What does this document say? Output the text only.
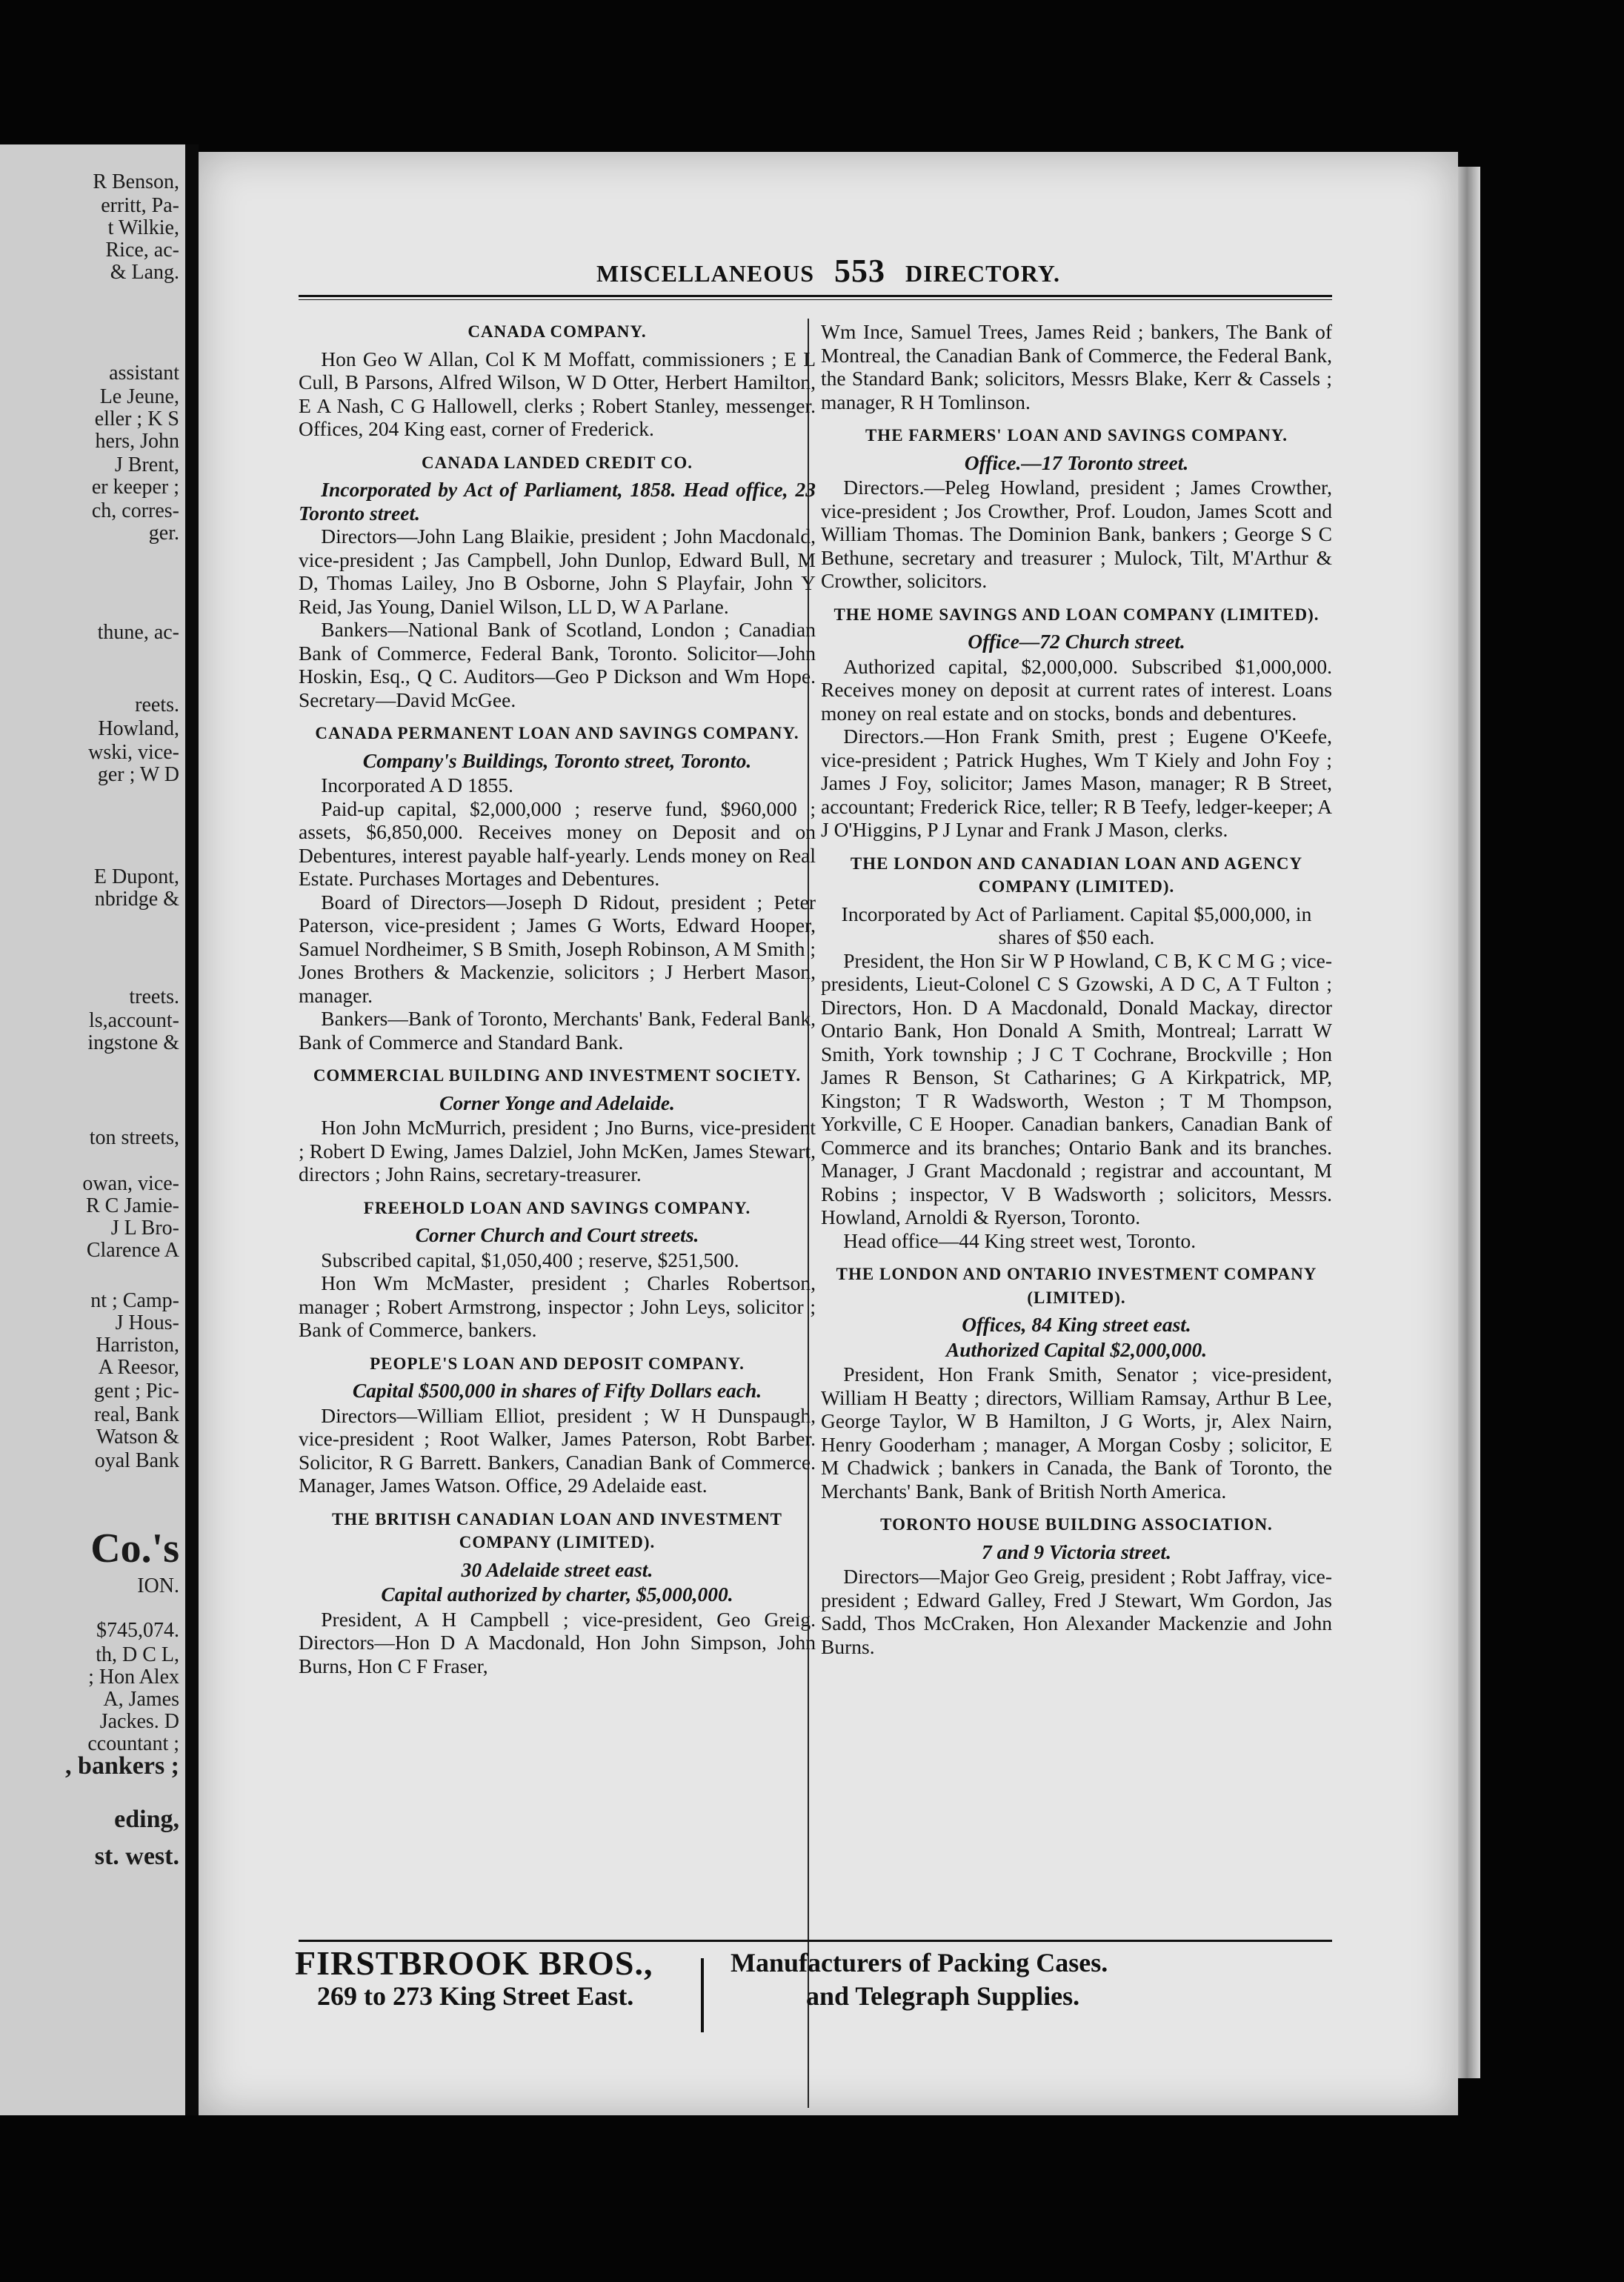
R Benson,
erritt, Pa-
t Wilkie,
Rice, ac-
& Lang.
assistant
Le Jeune,
eller ; K S
hers, John
J Brent,
er keeper ;
ch, corres-
ger.
thune, ac-
reets.
Howland,
wski, vice-
ger ; W D
E Dupont,
nbridge &
treets.
ls,account-
ingstone &
ton streets,
owan, vice-
R C Jamie-
J L Bro-
Clarence A
nt ; Camp-
J Hous-
Harriston,
A Reesor,
gent ; Pic-
real, Bank
Watson &
oyal Bank
Co.'s
ION.
$745,074.
th, D C L,
; Hon Alex
A, James
Jackes. D
ccountant ;
, bankers ;
eding,
st. west.
MISCELLANEOUS 553 DIRECTORY.
CANADA COMPANY.

Hon Geo W Allan, Col K M Moffatt, commissioners ; E L Cull, B Parsons, Alfred Wilson, W D Otter, Herbert Hamilton, E A Nash, C G Hallowell, clerks ; Robert Stanley, messenger. Offices, 204 King east, corner of Frederick.

CANADA LANDED CREDIT CO.

Incorporated by Act of Parliament, 1858. Head office, 23 Toronto street.

Directors—John Lang Blaikie, president ; John Macdonald, vice-president ; Jas Campbell, John Dunlop, Edward Bull, M D, Thomas Lailey, Jno B Osborne, John S Playfair, John Y Reid, Jas Young, Daniel Wilson, LL D, W A Parlane.

Bankers—National Bank of Scotland, London ; Canadian Bank of Commerce, Federal Bank, Toronto. Solicitor—John Hoskin, Esq., Q C. Auditors—Geo P Dickson and Wm Hope. Secretary—David McGee.

CANADA PERMANENT LOAN AND SAVINGS COMPANY.

Company's Buildings, Toronto street, Toronto.

Incorporated A D 1855.

Paid-up capital, $2,000,000 ; reserve fund, $960,000 ; assets, $6,850,000. Receives money on Deposit and on Debentures, interest payable half-yearly. Lends money on Real Estate. Purchases Mortages and Debentures.

Board of Directors—Joseph D Ridout, president ; Peter Paterson, vice-president ; James G Worts, Edward Hooper, Samuel Nordheimer, S B Smith, Joseph Robinson, A M Smith ; Jones Brothers & Mackenzie, solicitors ; J Herbert Mason, manager.

Bankers—Bank of Toronto, Merchants' Bank, Federal Bank, Bank of Commerce and Standard Bank.

COMMERCIAL BUILDING AND INVESTMENT SOCIETY.

Corner Yonge and Adelaide.

Hon John McMurrich, president ; Jno Burns, vice-president ; Robert D Ewing, James Dalziel, John McKen, James Stewart, directors ; John Rains, secretary-treasurer.

FREEHOLD LOAN AND SAVINGS COMPANY.

Corner Church and Court streets.

Subscribed capital, $1,050,400 ; reserve, $251,500.

Hon Wm McMaster, president ; Charles Robertson, manager ; Robert Armstrong, inspector ; John Leys, solicitor ; Bank of Commerce, bankers.

PEOPLE'S LOAN AND DEPOSIT COMPANY.

Capital $500,000 in shares of Fifty Dollars each.

Directors—William Elliot, president ; W H Dunspaugh, vice-president ; Root Walker, James Paterson, Robt Barber. Solicitor, R G Barrett. Bankers, Canadian Bank of Commerce. Manager, James Watson. Office, 29 Adelaide east.

THE BRITISH CANADIAN LOAN AND INVESTMENT COMPANY (LIMITED).

30 Adelaide street east.

Capital authorized by charter, $5,000,000.

President, A H Campbell ; vice-president, Geo Greig. Directors—Hon D A Macdonald, Hon John Simpson, John Burns, Hon C F Fraser,

Wm Ince, Samuel Trees, James Reid ; bankers, The Bank of Montreal, the Canadian Bank of Commerce, the Federal Bank, the Standard Bank; solicitors, Messrs Blake, Kerr & Cassels ; manager, R H Tomlinson.

THE FARMERS' LOAN AND SAVINGS COMPANY.

Office.—17 Toronto street.

Directors.—Peleg Howland, president ; James Crowther, vice-president ; Jos Crowther, Prof. Loudon, James Scott and William Thomas. The Dominion Bank, bankers ; George S C Bethune, secretary and treasurer ; Mulock, Tilt, M'Arthur & Crowther, solicitors.

THE HOME SAVINGS AND LOAN COMPANY (LIMITED).

Office—72 Church street.

Authorized capital, $2,000,000. Subscribed $1,000,000. Receives money on deposit at current rates of interest. Loans money on real estate and on stocks, bonds and debentures.

Directors.—Hon Frank Smith, prest ; Eugene O'Keefe, vice-president ; Patrick Hughes, Wm T Kiely and John Foy ; James J Foy, solicitor; James Mason, manager; R B Street, accountant; Frederick Rice, teller; R B Teefy, ledger-keeper; A J O'Higgins, P J Lynar and Frank J Mason, clerks.

THE LONDON AND CANADIAN LOAN AND AGENCY COMPANY (LIMITED).

Incorporated by Act of Parliament. Capital $5,000,000, in shares of $50 each.

President, the Hon Sir W P Howland, C B, K C M G ; vice-presidents, Lieut-Colonel C S Gzowski, A D C, A T Fulton ; Directors, Hon. D A Macdonald, Donald Mackay, director Ontario Bank, Hon Donald A Smith, Montreal; Larratt W Smith, York township ; J C T Cochrane, Brockville ; Hon James R Benson, St Catharines; G A Kirkpatrick, MP, Kingston; T R Wadsworth, Weston ; T M Thompson, Yorkville, C E Hooper. Canadian bankers, Canadian Bank of Commerce and its branches; Ontario Bank and its branches. Manager, J Grant Macdonald ; registrar and accountant, M Robins ; inspector, V B Wadsworth ; solicitors, Messrs. Howland, Arnoldi & Ryerson, Toronto.

Head office—44 King street west, Toronto.

THE LONDON AND ONTARIO INVESTMENT COMPANY (LIMITED).

Offices, 84 King street east.

Authorized Capital $2,000,000.

President, Hon Frank Smith, Senator ; vice-president, William H Beatty ; directors, William Ramsay, Arthur B Lee, George Taylor, W B Hamilton, J G Worts, jr, Alex Nairn, Henry Gooderham ; manager, A Morgan Cosby ; solicitor, E M Chadwick ; bankers in Canada, the Bank of Toronto, the Merchants' Bank, Bank of British North America.

TORONTO HOUSE BUILDING ASSOCIATION.

7 and 9 Victoria street.

Directors—Major Geo Greig, president ; Robt Jaffray, vice-president ; Edward Galley, Fred J Stewart, Wm Gordon, Jas Sadd, Thos McCraken, Hon Alexander Mackenzie and John Burns.

FIRSTBROOK BROS.,
269 to 273 King Street East.
Manufacturers of Packing Cases.
and Telegraph Supplies.
